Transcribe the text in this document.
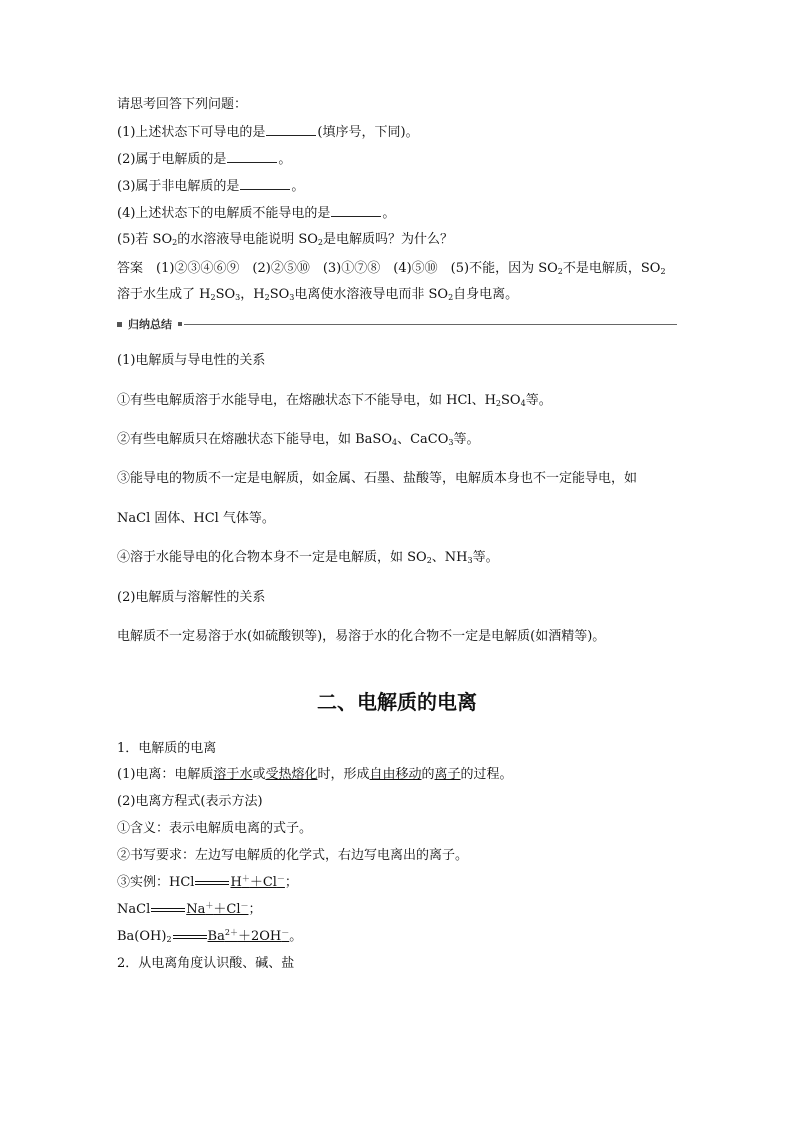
请思考回答下列问题：
(1)上述状态下可导电的是	(填序号，下同)。
(2)属于电解质的是	。
(3)属于非电解质的是	。
(4)上述状态下的电解质不能导电的是	。
(5)若 $SO_2$的水溶液导电能说明 $SO_2$是电解质吗？为什么？
答案　(1)②③④⑥⑨　(2)②⑤⑩　(3)①⑦⑧　(4)⑤⑩　(5)不能，因为 $SO_2$不是电解质，$SO_2$
溶于水生成了 $H_2SO_3$，$H_2SO_3$电离使水溶液导电而非 $SO_2$自身电离。
归纳总结
(1)电解质与导电性的关系
①有些电解质溶于水能导电，在熔融状态下不能导电，如 HCl、$H_2SO_4$等。
②有些电解质只在熔融状态下能导电，如 BaSO$_4$、CaCO$_3$等。
③能导电的物质不一定是电解质，如金属、石墨、盐酸等，电解质本身也不一定能导电，如
NaCl 固体、HCl 气体等。
④溶于水能导电的化合物本身不一定是电解质，如 $SO_2$、$NH_3$等。
(2)电解质与溶解性的关系
电解质不一定易溶于水(如硫酸钡等)，易溶于水的化合物不一定是电解质(如酒精等)。
二、电解质的电离
1．电解质的电离
(1)电离：电解质溶于水或受热熔化时，形成自由移动的离子的过程。
(2)电离方程式(表示方法)
①含义：表示电解质电离的式子。
②书写要求：左边写电解质的化学式，右边写电离出的离子。
③实例：HCl	H＋＋Cl－；
NaCl	Na＋＋Cl－；
$Ba(OH)_2$	$Ba^{2+}+2OH^-$。
2．从电离角度认识酸、碱、盐
